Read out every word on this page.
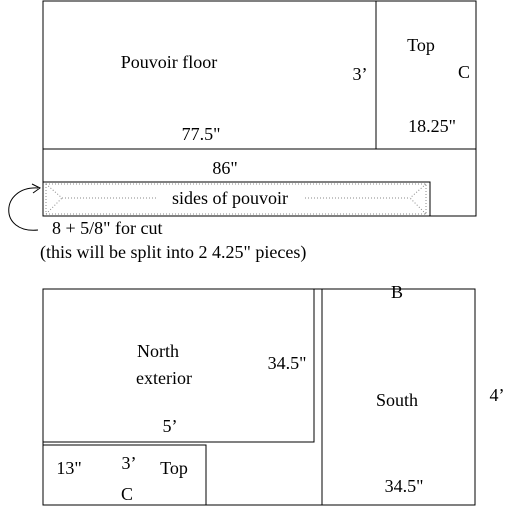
Pouvoir floor
3’
77.5"
Top
C
18.25"
86"
sides of pouvoir
8 + 5/8" for cut
(this will be split into 2 4.25" pieces)
North
exterior
34.5"
5’
B
South
34.5"
4’
13" 3’ Top
C
